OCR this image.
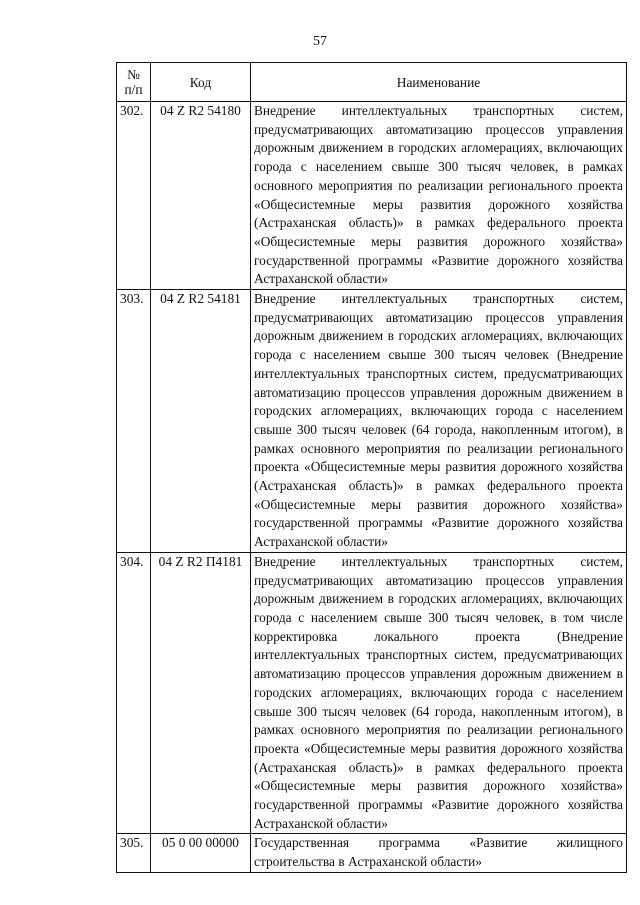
57
№
п/п	Код	Наименование
302.	04 Z R2 54180	Внедрение интеллектуальных транспортных систем, предусматривающих автоматизацию процессов управления дорожным движением в городских агломерациях, включающих города с населением свыше 300 тысяч человек, в рамках основного мероприятия по реализации регионального проекта «Общесистемные меры развития дорожного хозяйства (Астраханская область)» в рамках федерального проекта «Общесистемные меры развития дорожного хозяйства» государственной программы «Развитие дорожного хозяйства Астраханской области»
303.	04 Z R2 54181	Внедрение интеллектуальных транспортных систем, предусматривающих автоматизацию процессов управления дорожным движением в городских агломерациях, включающих города с населением свыше 300 тысяч человек (Внедрение интеллектуальных транспортных систем, предусматривающих автоматизацию процессов управления дорожным движением в городских агломерациях, включающих города с населением свыше 300 тысяч человек (64 города, накопленным итогом), в рамках основного мероприятия по реализации регионального проекта «Общесистемные меры развития дорожного хозяйства (Астраханская область)» в рамках федерального проекта «Общесистемные меры развития дорожного хозяйства» государственной программы «Развитие дорожного хозяйства Астраханской области»
304.	04 Z R2 П4181	Внедрение интеллектуальных транспортных систем, предусматривающих автоматизацию процессов управления дорожным движением в городских агломерациях, включающих города с населением свыше 300 тысяч человек, в том числе корректировка локального проекта (Внедрение интеллектуальных транспортных систем, предусматривающих автоматизацию процессов управления дорожным движением в городских агломерациях, включающих города с населением свыше 300 тысяч человек (64 города, накопленным итогом), в рамках основного мероприятия по реализации регионального проекта «Общесистемные меры развития дорожного хозяйства (Астраханская область)» в рамках федерального проекта «Общесистемные меры развития дорожного хозяйства» государственной программы «Развитие дорожного хозяйства Астраханской области»
305.	05 0 00 00000	Государственная программа «Развитие жилищного строительства в Астраханской области»
